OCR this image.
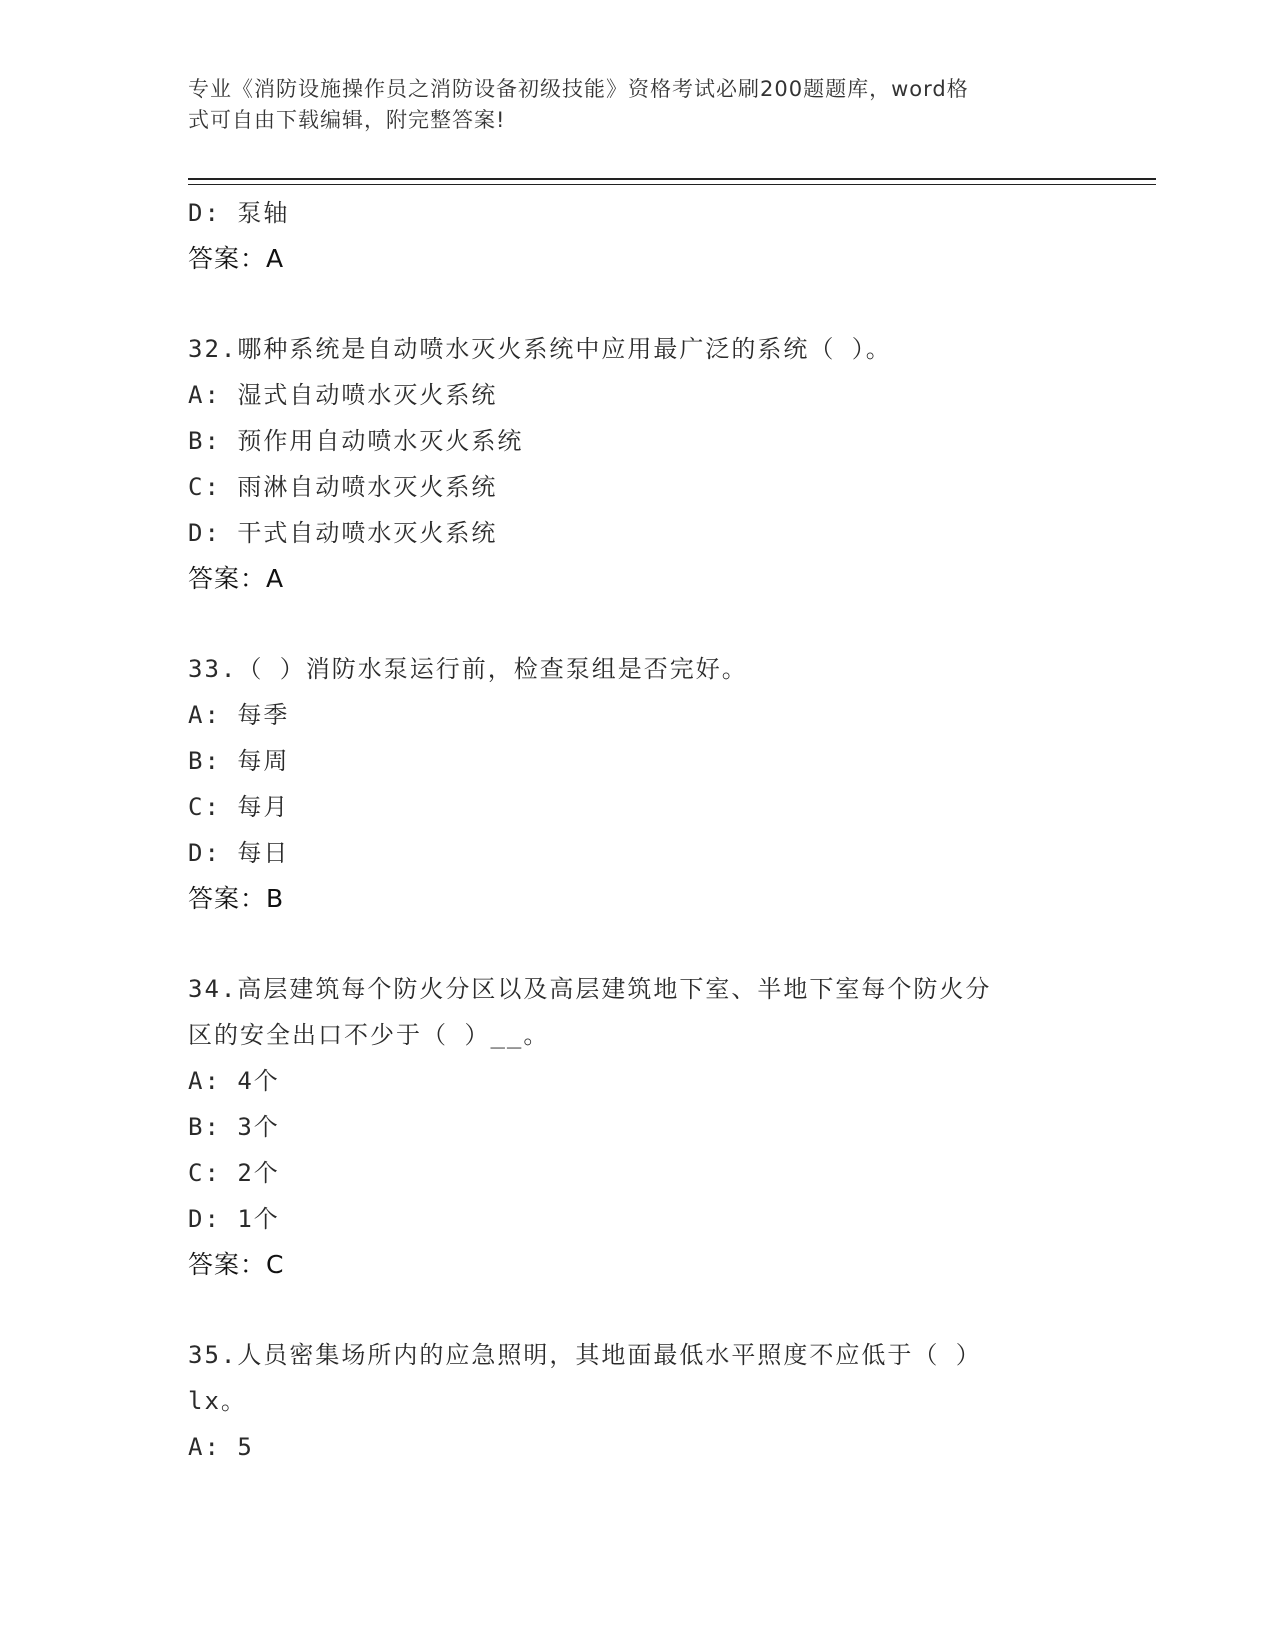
专业《消防设施操作员之消防设备初级技能》资格考试必刷200题题库，word格
式可自由下载编辑，附完整答案!
D: 泵轴
答案：A
32.哪种系统是自动喷水灭火系统中应用最广泛的系统（ ）。
A: 湿式自动喷水灭火系统
B: 预作用自动喷水灭火系统
C: 雨淋自动喷水灭火系统
D: 干式自动喷水灭火系统
答案：A
33.（ ）消防水泵运行前，检查泵组是否完好。
A: 每季
B: 每周
C: 每月
D: 每日
答案：B
34.高层建筑每个防火分区以及高层建筑地下室、半地下室每个防火分
区的安全出口不少于（ ）__。
A: 4个
B: 3个
C: 2个
D: 1个
答案：C
35.人员密集场所内的应急照明，其地面最低水平照度不应低于（ ）
lx。
A: 5
